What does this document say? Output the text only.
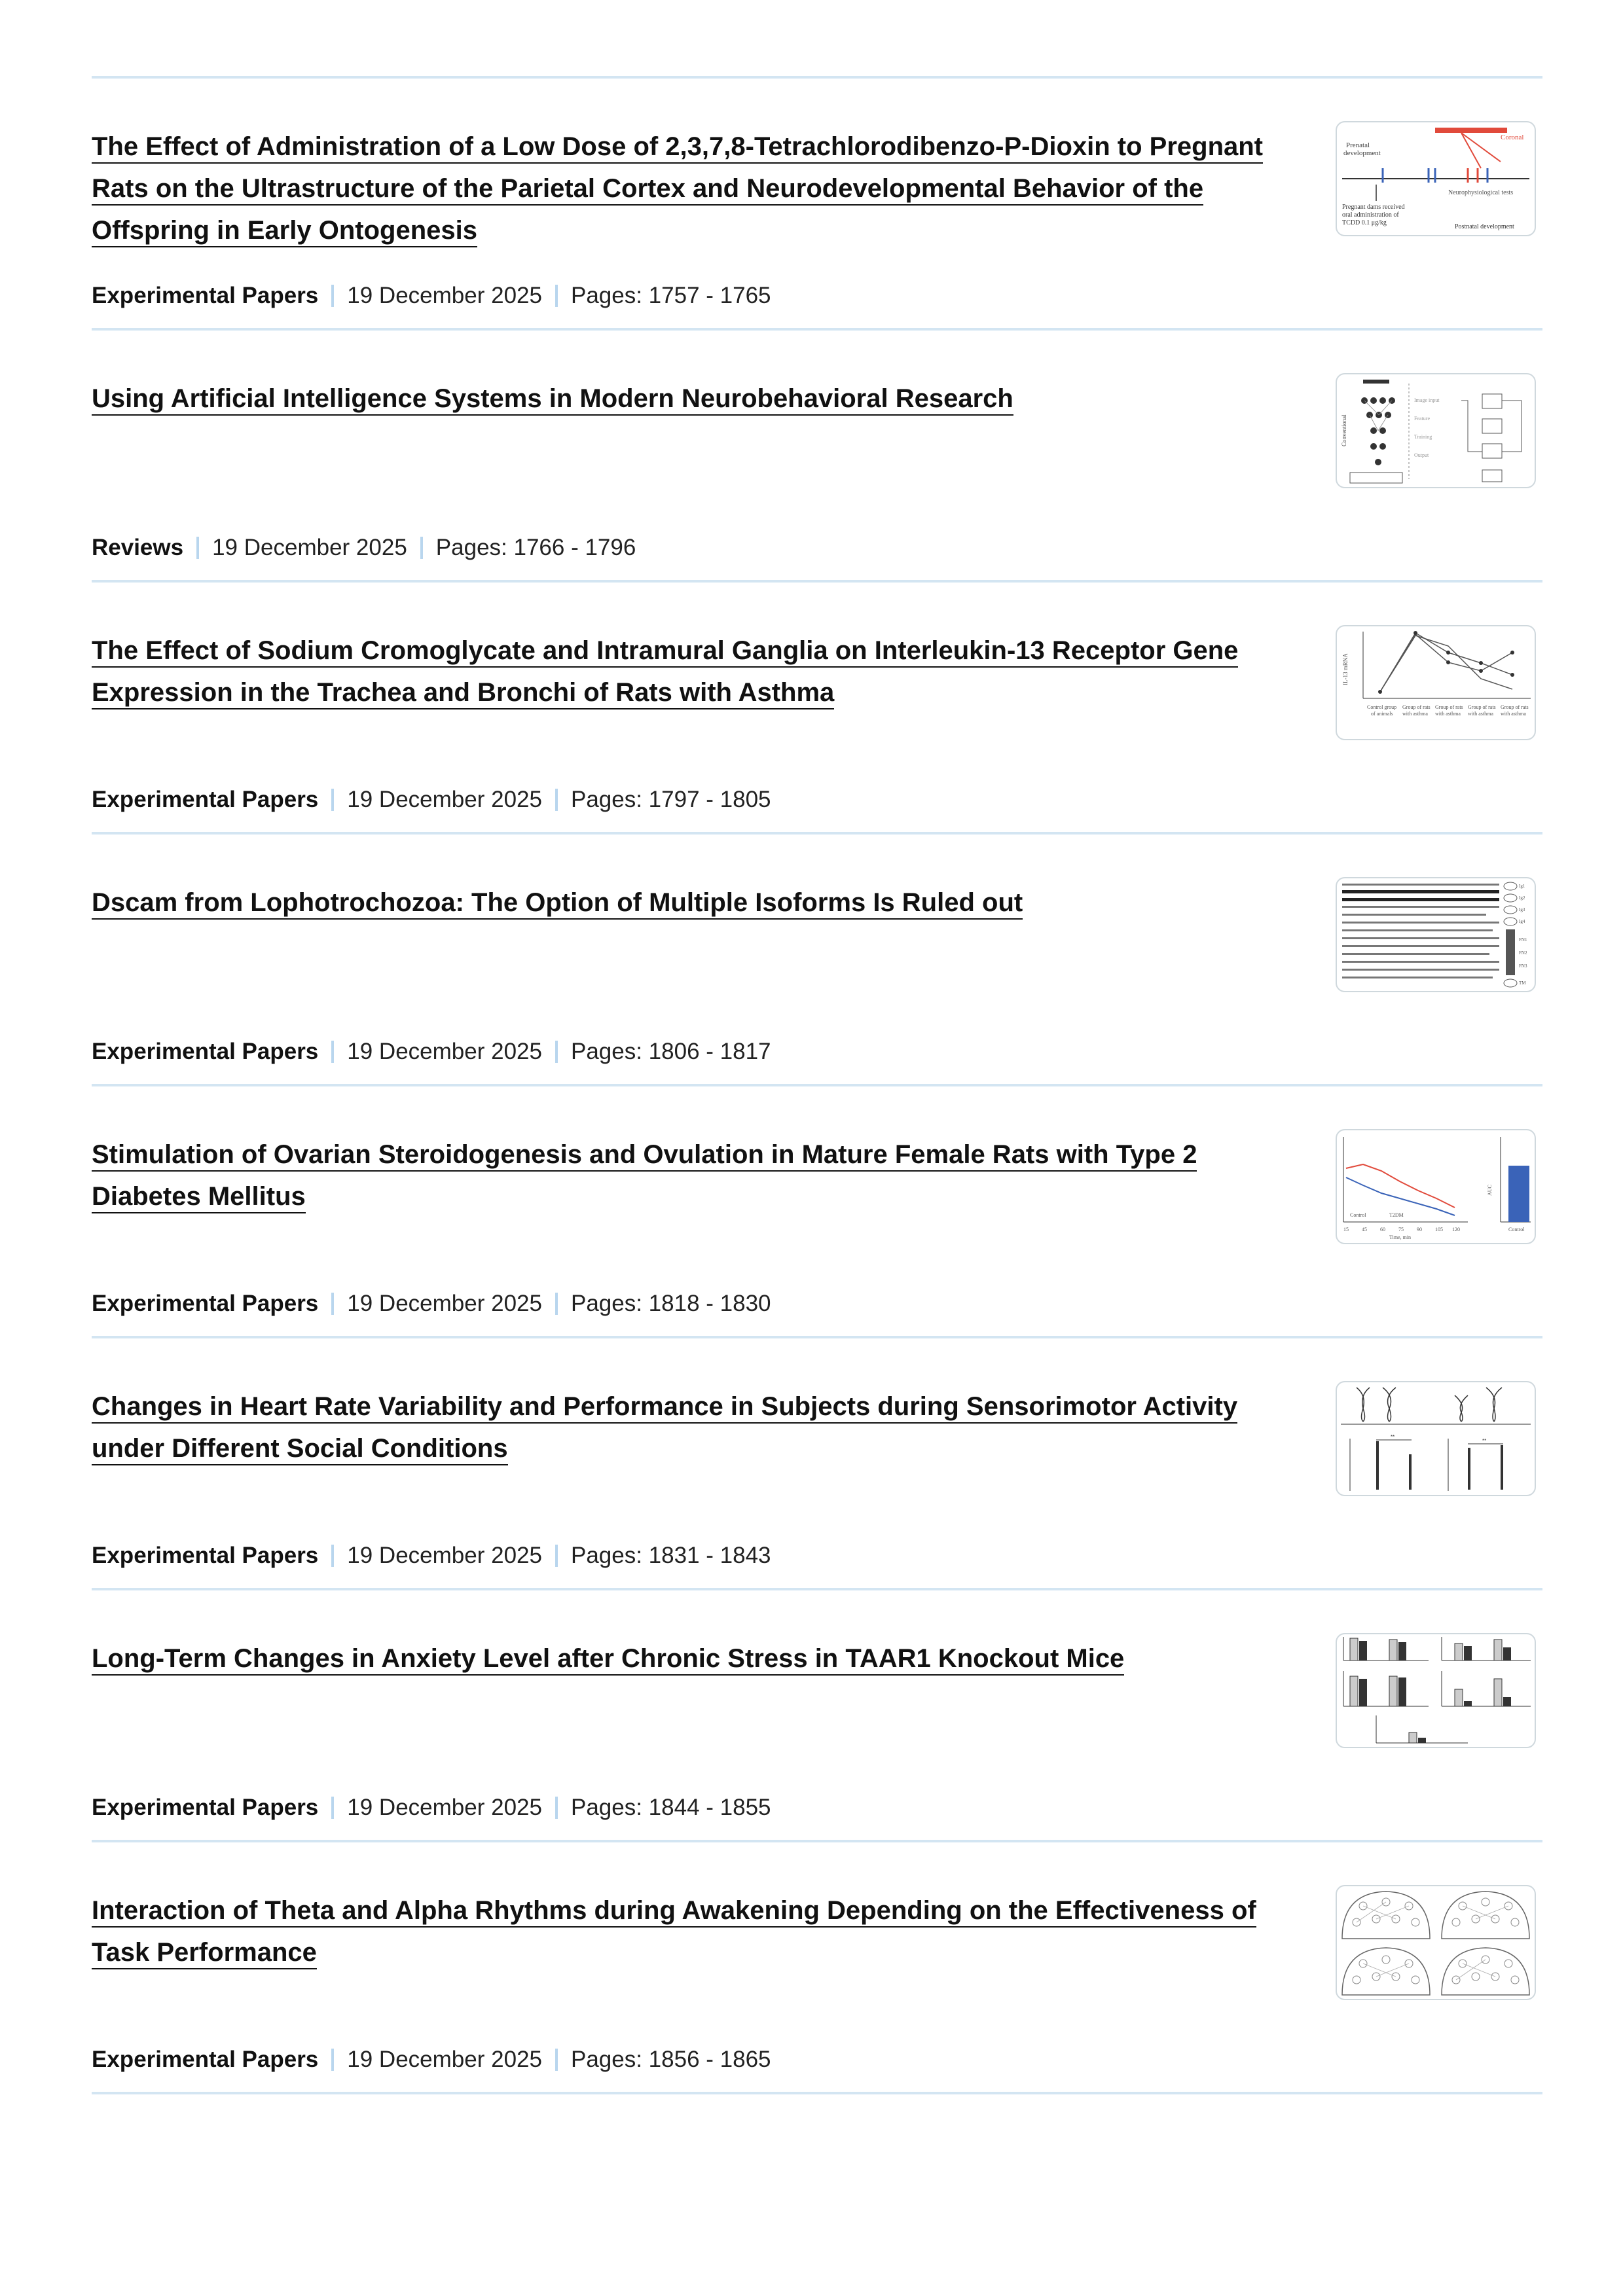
The Effect of Administration of a Low Dose of 2,3,7,8-Tetrachlorodibenzo-P-Dioxin to Pregnant Rats on the Ultrastructure of the Parietal Cortex and Neurodevelopmental Behavior of the Offspring in Early Ontogenesis
Experimental Papers 19 December 2025 Pages: 1757 - 1765
Prenatal
development
Coronal
Neurophysiological tests
Pregnant dams received
oral administration of
TCDD 0.1 μg/kg
Postnatal development
Using Artificial Intelligence Systems in Modern Neurobehavioral Research
Reviews 19 December 2025 Pages: 1766 - 1796
Conventional
Image input
Feature
Training
Output
The Effect of Sodium Cromoglycate and Intramural Ganglia on Interleukin-13 Receptor Gene Expression in the Trachea and Bronchi of Rats with Asthma
Experimental Papers 19 December 2025 Pages: 1797 - 1805
IL-13 mRNA
Control group
of animals
Group of rats
with asthma
Group of rats
with asthma
Group of rats
with asthma
Group of rats
with asthma
Dscam from Lophotrochozoa: The Option of Multiple Isoforms Is Ruled out
Experimental Papers 19 December 2025 Pages: 1806 - 1817
Ig1
Ig2
Ig3
Ig4
FN1
FN2
FN3
TM
Stimulation of Ovarian Steroidogenesis and Ovulation in Mature Female Rats with Type 2 Diabetes Mellitus
Experimental Papers 19 December 2025 Pages: 1818 - 1830
Control	T2DM
15	45	60	75	90	105 120
Time, min
AUC
Control
Changes in Heart Rate Variability and Performance in Subjects during Sensorimotor Activity under Different Social Conditions
Experimental Papers 19 December 2025 Pages: 1831 - 1843
**
**
Long-Term Changes in Anxiety Level after Chronic Stress in TAAR1 Knockout Mice
Experimental Papers 19 December 2025 Pages: 1844 - 1855
Interaction of Theta and Alpha Rhythms during Awakening Depending on the Effectiveness of Task Performance
Experimental Papers 19 December 2025 Pages: 1856 - 1865
